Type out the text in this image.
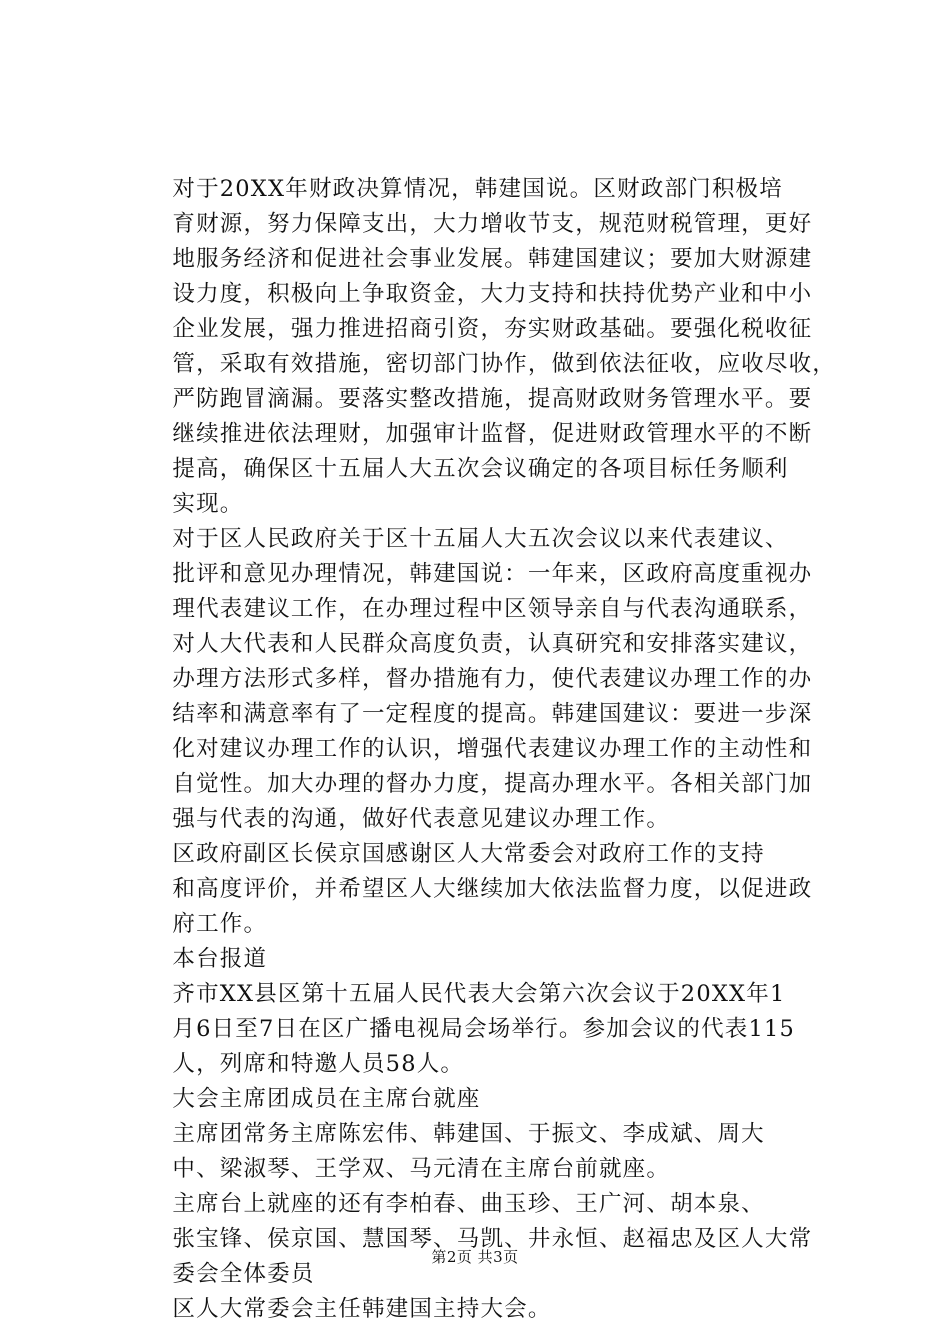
对于20XX年财政决算情况，韩建国说。区财政部门积极培
育财源，努力保障支出，大力增收节支，规范财税管理，更好
地服务经济和促进社会事业发展。韩建国建议；要加大财源建
设力度，积极向上争取资金，大力支持和扶持优势产业和中小
企业发展，强力推进招商引资，夯实财政基础。要强化税收征
管，采取有效措施，密切部门协作，做到依法征收，应收尽收，
严防跑冒滴漏。要落实整改措施，提高财政财务管理水平。要
继续推进依法理财，加强审计监督，促进财政管理水平的不断
提高，确保区十五届人大五次会议确定的各项目标任务顺利

实现。

对于区人民政府关于区十五届人大五次会议以来代表建议、
批评和意见办理情况，韩建国说：一年来，区政府高度重视办
理代表建议工作，在办理过程中区领导亲自与代表沟通联系，
对人大代表和人民群众高度负责，认真研究和安排落实建议，
办理方法形式多样，督办措施有力，使代表建议办理工作的办
结率和满意率有了一定程度的提高。韩建国建议：要进一步深
化对建议办理工作的认识，增强代表建议办理工作的主动性和
自觉性。加大办理的督办力度，提高办理水平。各相关部门加
强与代表的沟通，做好代表意见建议办理工作。

区政府副区长侯京国感谢区人大常委会对政府工作的支持
和高度评价，并希望区人大继续加大依法监督力度，以促进政
府工作。

本台报道

齐市XX县区第十五届人民代表大会第六次会议于20XX年1
月6日至7日在区广播电视局会场举行。参加会议的代表115
人，列席和特邀人员58人。

大会主席团成员在主席台就座

主席团常务主席陈宏伟、韩建国、于振文、李成斌、周大
中、梁淑琴、王学双、马元清在主席台前就座。

主席台上就座的还有李柏春、曲玉珍、王广河、胡本泉、
张宝锋、侯京国、慧国琴、马凯、井永恒、赵福忠及区人大常
委会全体委员

区人大常委会主任韩建国主持大会。

第2页 共3页
